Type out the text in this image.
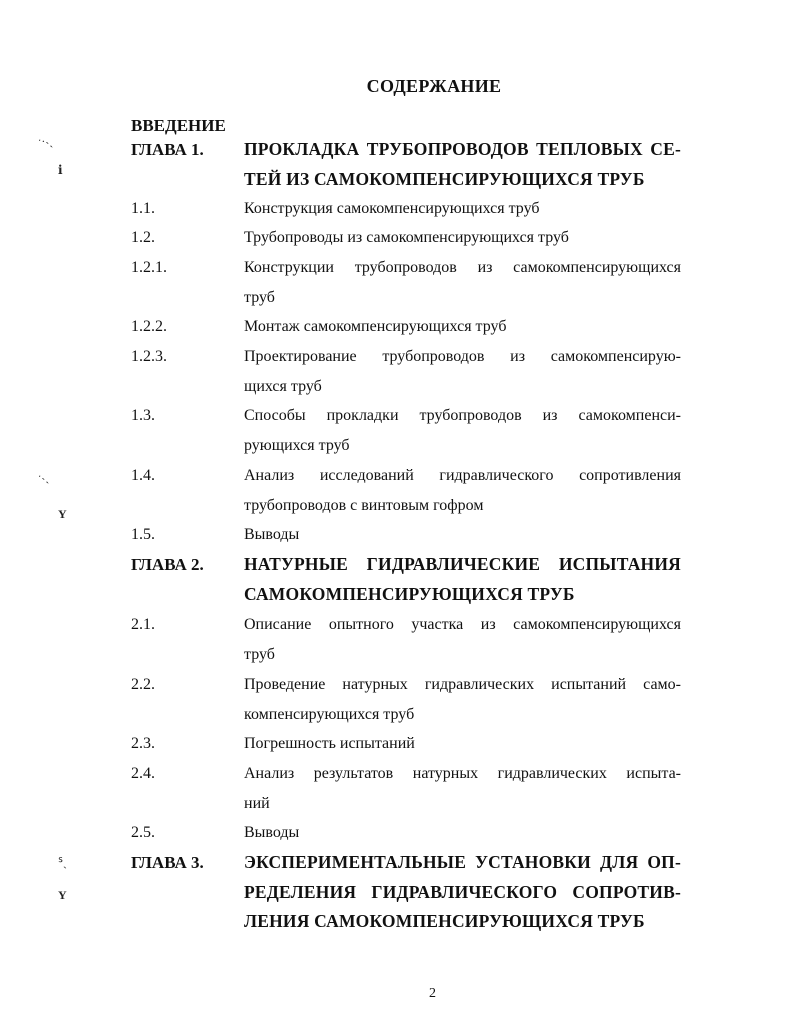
СОДЕРЖАНИЕ
ВВЕДЕНИЕ
ГЛАВА 1. ПРОКЛАДКА ТРУБОПРОВОДОВ ТЕПЛОВЫХ СЕ-
ТЕЙ ИЗ САМОКОМПЕНСИРУЮЩИХСЯ ТРУБ
1.1.	Конструкция самокомпенсирующихся труб
1.2.	Трубопроводы из самокомпенсирующихся труб
1.2.1.	Конструкции трубопроводов из самокомпенсирующихся
труб
1.2.2.	Монтаж самокомпенсирующихся труб
1.2.3.	Проектирование трубопроводов из самокомпенсирую-
щихся труб
1.3.	Способы прокладки трубопроводов из самокомпенси-
рующихся труб
1.4.	Анализ исследований гидравлического сопротивления
трубопроводов с винтовым гофром
1.5.	Выводы
ГЛАВА 2. НАТУРНЫЕ ГИДРАВЛИЧЕСКИЕ ИСПЫТАНИЯ
САМОКОМПЕНСИРУЮЩИХСЯ ТРУБ
2.1.	Описание опытного участка из самокомпенсирующихся
труб
2.2.	Проведение натурных гидравлических испытаний само-
компенсирующихся труб
2.3.	Погрешность испытаний
2.4.	Анализ результатов натурных гидравлических испыта-
ний
2.5.	Выводы
ГЛАВА 3. ЭКСПЕРИМЕНТАЛЬНЫЕ УСТАНОВКИ ДЛЯ ОП-
РЕДЕЛЕНИЯ ГИДРАВЛИЧЕСКОГО СОПРОТИВ-
ЛЕНИЯ САМОКОМПЕНСИРУЮЩИХСЯ ТРУБ
2
ˑ·˴ˎ
ⅰ
ˑ˴ˎ
Y
ᔆˎ
Y
